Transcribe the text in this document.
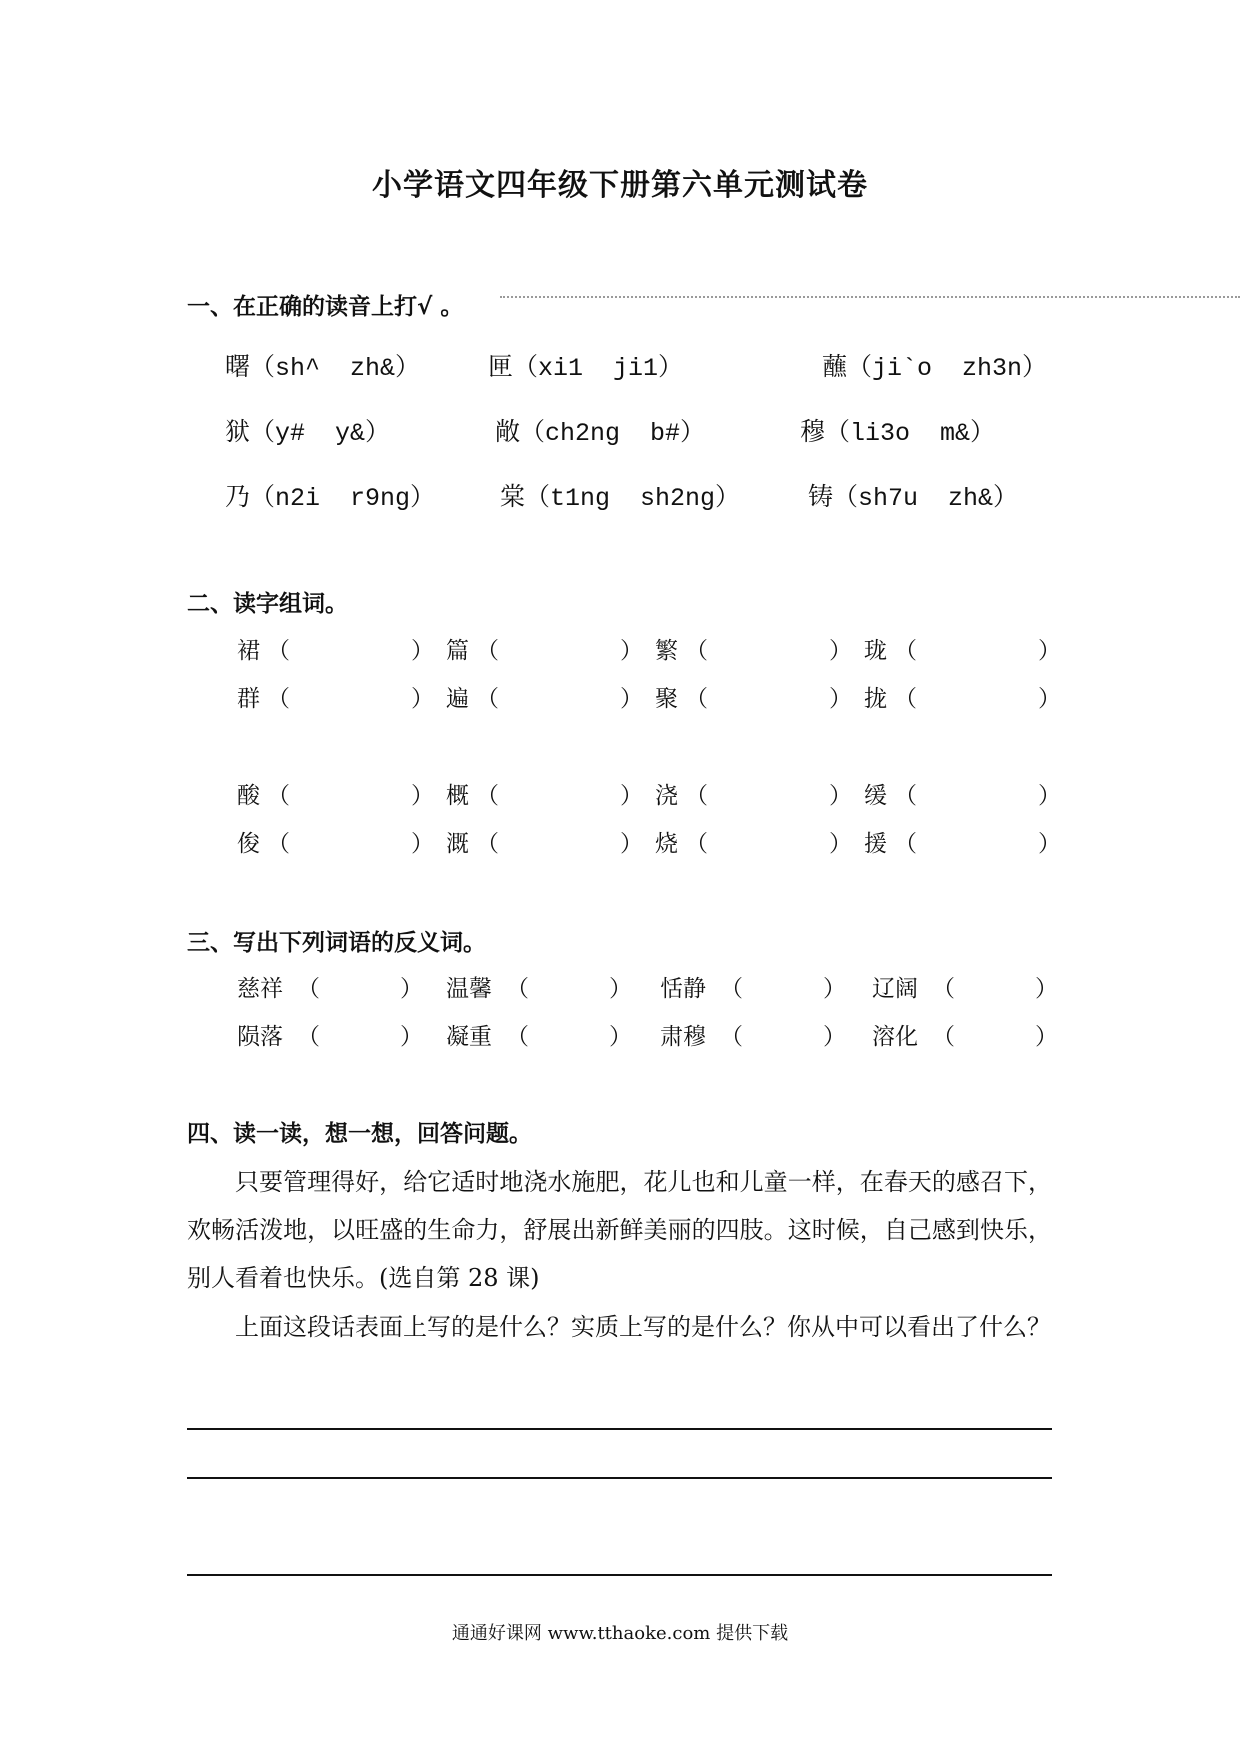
小学语文四年级下册第六单元测试卷
一、在正确的读音上打√ 。
曙（sh^  zh&）	匣（xi1  ji1）	蘸（ji`o  zh3n）
狱（y#  y&）	敞（ch2ng  b#）	穆（li3o  m&）
乃（n2i  r9ng）	棠（t1ng  sh2ng）	铸（sh7u  zh&）
二、读字组词。
裙 （	） 篇 （	） 繁 （	） 珑 （	）
群 （	） 遍 （	） 聚 （	） 拢 （	）
酸 （	） 概 （	） 浇 （	） 缓 （	）
俊 （	） 溉 （	） 烧 （	） 援 （	）
三、写出下列词语的反义词。
慈祥 （	） 温馨 （	） 恬静 （	） 辽阔 （	）
陨落 （	） 凝重 （	） 肃穆 （	） 溶化 （	）
四、读一读，想一想，回答问题。
只要管理得好，给它适时地浇水施肥，花儿也和儿童一样，在春天的感召下，欢畅活泼地，以旺盛的生命力，舒展出新鲜美丽的四肢。这时候，自己感到快乐，别人看着也快乐。(选自第 28 课)
上面这段话表面上写的是什么？实质上写的是什么？你从中可以看出了什么？
通通好课网 www.tthaoke.com 提供下载
